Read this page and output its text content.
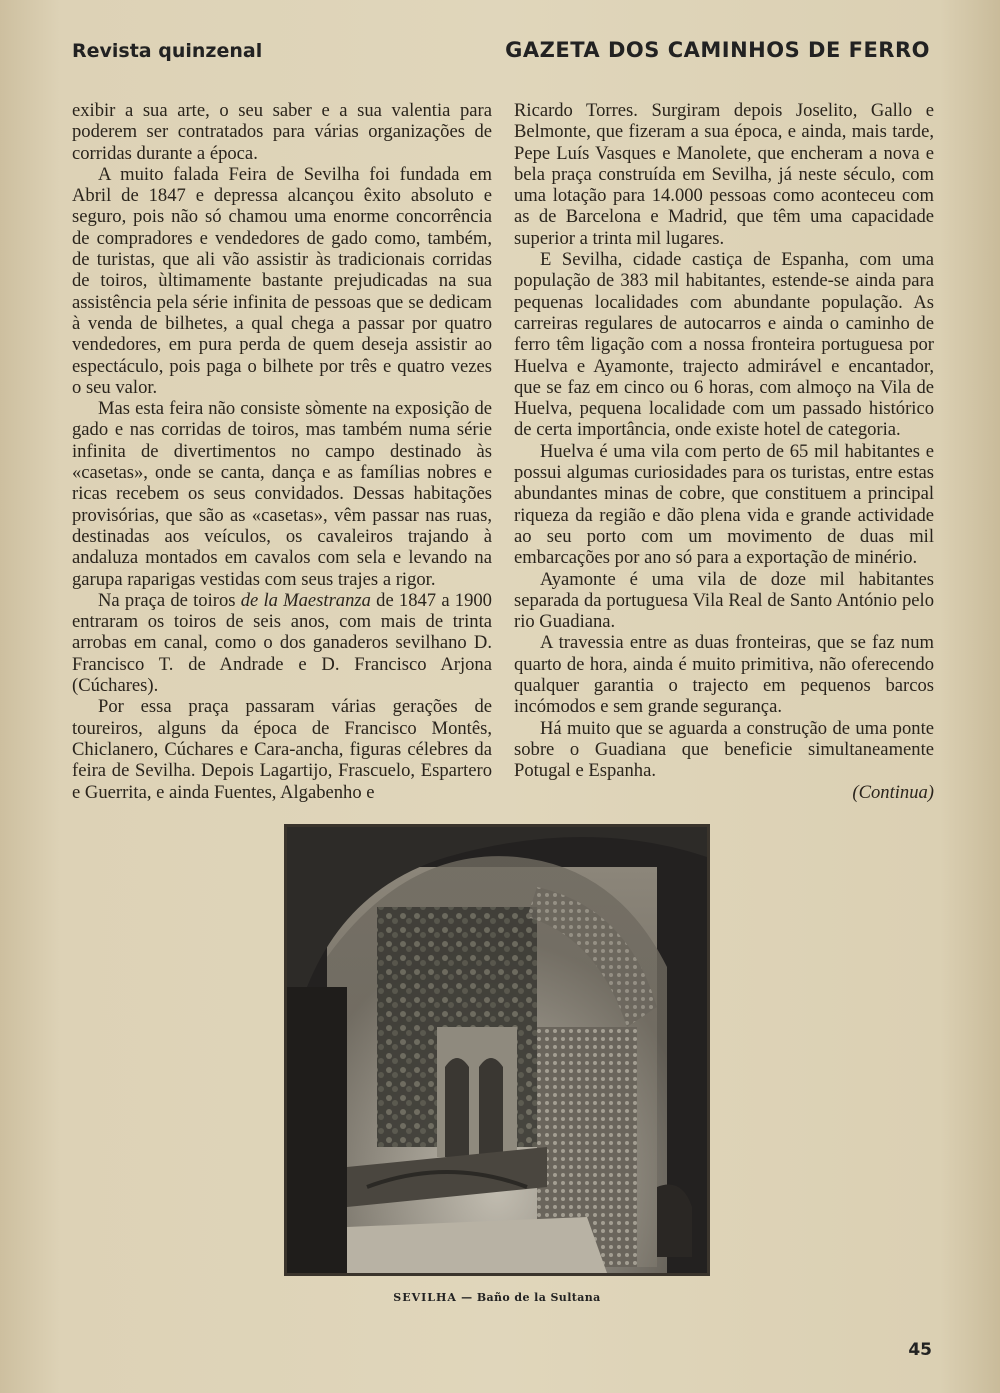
Revista quinzenal	GAZETA DOS CAMINHOS DE FERRO

exibir a sua arte, o seu saber e a sua valentia para poderem ser contratados para várias organizações de corridas durante a época.

A muito falada Feira de Sevilha foi fundada em Abril de 1847 e depressa alcançou êxito absoluto e seguro, pois não só chamou uma enorme concorrência de compradores e vendedores de gado como, também, de turistas, que ali vão assistir às tradicionais corridas de toiros, ùltimamente bastante prejudicadas na sua assistência pela série infinita de pessoas que se dedicam à venda de bilhetes, a qual chega a passar por quatro vendedores, em pura perda de quem deseja assistir ao espectáculo, pois paga o bilhete por três e quatro vezes o seu valor.

Mas esta feira não consiste sòmente na exposição de gado e nas corridas de toiros, mas também numa série infinita de divertimentos no campo destinado às «casetas», onde se canta, dança e as famílias nobres e ricas recebem os seus convidados. Dessas habitações provisórias, que são as «casetas», vêm passar nas ruas, destinadas aos veículos, os cavaleiros trajando à andaluza montados em cavalos com sela e levando na garupa raparigas vestidas com seus trajes a rigor.

Na praça de toiros de la Maestranza de 1847 a 1900 entraram os toiros de seis anos, com mais de trinta arrobas em canal, como o dos ganaderos sevilhano D. Francisco T. de Andrade e D. Francisco Arjona (Cúchares).

Por essa praça passaram várias gerações de toureiros, alguns da época de Francisco Montês, Chiclanero, Cúchares e Cara-ancha, figuras célebres da feira de Sevilha. Depois Lagartijo, Frascuelo, Espartero e Guerrita, e ainda Fuentes, Algabenho e

Ricardo Torres. Surgiram depois Joselito, Gallo e Belmonte, que fizeram a sua época, e ainda, mais tarde, Pepe Luís Vasques e Manolete, que encheram a nova e bela praça construída em Sevilha, já neste século, com uma lotação para 14.000 pessoas como aconteceu com as de Barcelona e Madrid, que têm uma capacidade superior a trinta mil lugares.

E Sevilha, cidade castiça de Espanha, com uma população de 383 mil habitantes, estende-se ainda para pequenas localidades com abundante população. As carreiras regulares de autocarros e ainda o caminho de ferro têm ligação com a nossa fronteira portuguesa por Huelva e Ayamonte, trajecto admirável e encantador, que se faz em cinco ou 6 horas, com almoço na Vila de Huelva, pequena localidade com um passado histórico de certa importância, onde existe hotel de categoria.

Huelva é uma vila com perto de 65 mil habitantes e possui algumas curiosidades para os turistas, entre estas abundantes minas de cobre, que constituem a principal riqueza da região e dão plena vida e grande actividade ao seu porto com um movimento de duas mil embarcações por ano só para a exportação de minério.

Ayamonte é uma vila de doze mil habitantes separada da portuguesa Vila Real de Santo António pelo rio Guadiana.

A travessia entre as duas fronteiras, que se faz num quarto de hora, ainda é muito primitiva, não oferecendo qualquer garantia o trajecto em pequenos barcos incómodos e sem grande segurança.

Há muito que se aguarda a construção de uma ponte sobre o Guadiana que beneficie simultaneamente Potugal e Espanha.

(Continua)
SEVILHA — Baño de la Sultana
45
